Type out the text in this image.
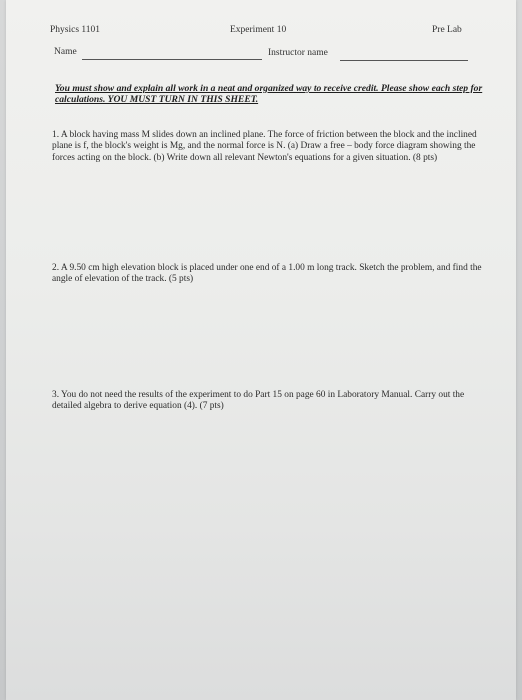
Physics 1101	Experiment 10	Pre Lab
Name	Instructor name
You must show and explain all work in a neat and organized way to receive credit. Please show each step for calculations. YOU MUST TURN IN THIS SHEET.
1. A block having mass M slides down an inclined plane. The force of friction between the block and the inclined plane is f, the block's weight is Mg, and the normal force is N. (a) Draw a free – body force diagram showing the forces acting on the block. (b) Write down all relevant Newton's equations for a given situation. (8 pts)
2. A 9.50 cm high elevation block is placed under one end of a 1.00 m long track. Sketch the problem, and find the angle of elevation of the track. (5 pts)
3. You do not need the results of the experiment to do Part 15 on page 60 in Laboratory Manual. Carry out the detailed algebra to derive equation (4). (7 pts)
